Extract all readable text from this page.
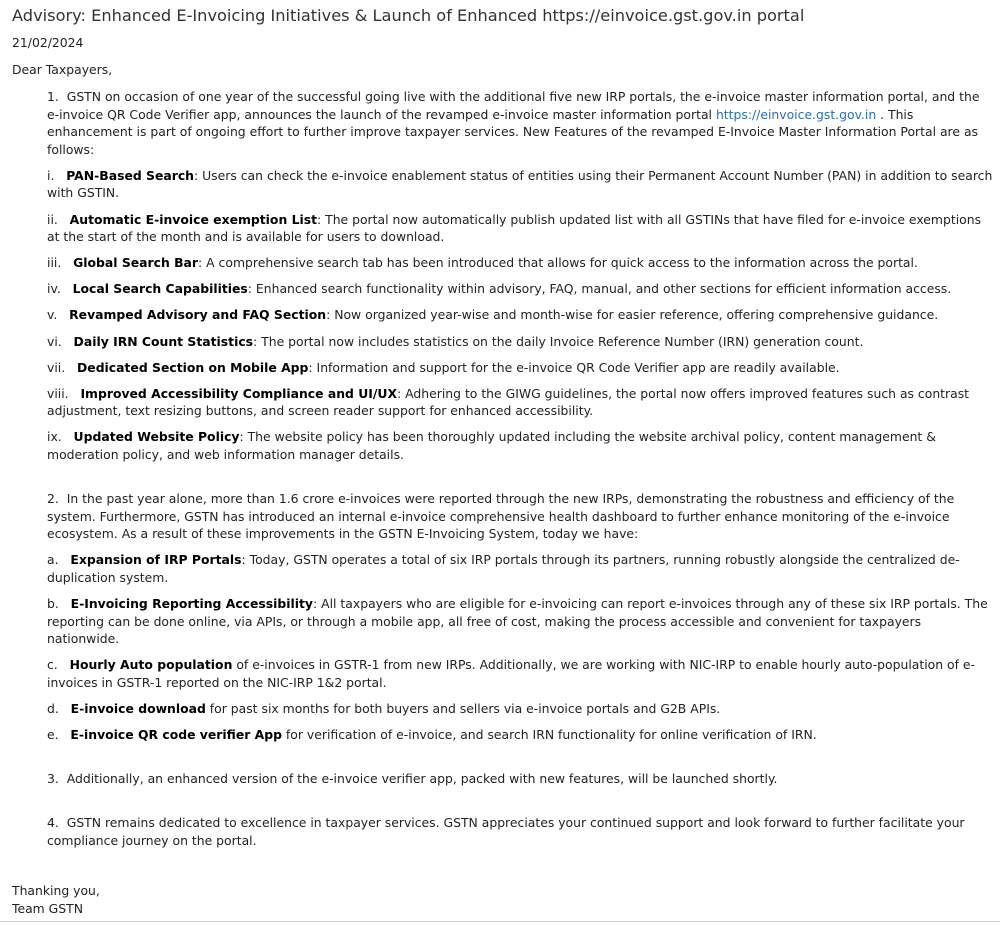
Advisory: Enhanced E-Invoicing Initiatives & Launch of Enhanced https://einvoice.gst.gov.in portal
21/02/2024
Dear Taxpayers,
1. GSTN on occasion of one year of the successful going live with the additional five new IRP portals, the e-invoice master information portal, and the e-invoice QR Code Verifier app, announces the launch of the revamped e-invoice master information portal https://einvoice.gst.gov.in . This enhancement is part of ongoing effort to further improve taxpayer services. New Features of the revamped E-Invoice Master Information Portal are as follows:
i. PAN-Based Search: Users can check the e-invoice enablement status of entities using their Permanent Account Number (PAN) in addition to search with GSTIN.
ii. Automatic E-invoice exemption List: The portal now automatically publish updated list with all GSTINs that have filed for e-invoice exemptions at the start of the month and is available for users to download.
iii. Global Search Bar: A comprehensive search tab has been introduced that allows for quick access to the information across the portal.
iv. Local Search Capabilities: Enhanced search functionality within advisory, FAQ, manual, and other sections for efficient information access.
v. Revamped Advisory and FAQ Section: Now organized year-wise and month-wise for easier reference, offering comprehensive guidance.
vi. Daily IRN Count Statistics: The portal now includes statistics on the daily Invoice Reference Number (IRN) generation count.
vii. Dedicated Section on Mobile App: Information and support for the e-invoice QR Code Verifier app are readily available.
viii. Improved Accessibility Compliance and UI/UX: Adhering to the GIWG guidelines, the portal now offers improved features such as contrast adjustment, text resizing buttons, and screen reader support for enhanced accessibility.
ix. Updated Website Policy: The website policy has been thoroughly updated including the website archival policy, content management & moderation policy, and web information manager details.
2. In the past year alone, more than 1.6 crore e-invoices were reported through the new IRPs, demonstrating the robustness and efficiency of the system. Furthermore, GSTN has introduced an internal e-invoice comprehensive health dashboard to further enhance monitoring of the e-invoice ecosystem. As a result of these improvements in the GSTN E-Invoicing System, today we have:
a. Expansion of IRP Portals: Today, GSTN operates a total of six IRP portals through its partners, running robustly alongside the centralized de-duplication system.
b. E-Invoicing Reporting Accessibility: All taxpayers who are eligible for e-invoicing can report e-invoices through any of these six IRP portals. The reporting can be done online, via APIs, or through a mobile app, all free of cost, making the process accessible and convenient for taxpayers nationwide.
c. Hourly Auto population of e-invoices in GSTR-1 from new IRPs. Additionally, we are working with NIC-IRP to enable hourly auto-population of e-invoices in GSTR-1 reported on the NIC-IRP 1&2 portal.
d. E-invoice download for past six months for both buyers and sellers via e-invoice portals and G2B APIs.
e. E-invoice QR code verifier App for verification of e-invoice, and search IRN functionality for online verification of IRN.
3. Additionally, an enhanced version of the e-invoice verifier app, packed with new features, will be launched shortly.
4. GSTN remains dedicated to excellence in taxpayer services. GSTN appreciates your continued support and look forward to further facilitate your compliance journey on the portal.
Thanking you,
Team GSTN
